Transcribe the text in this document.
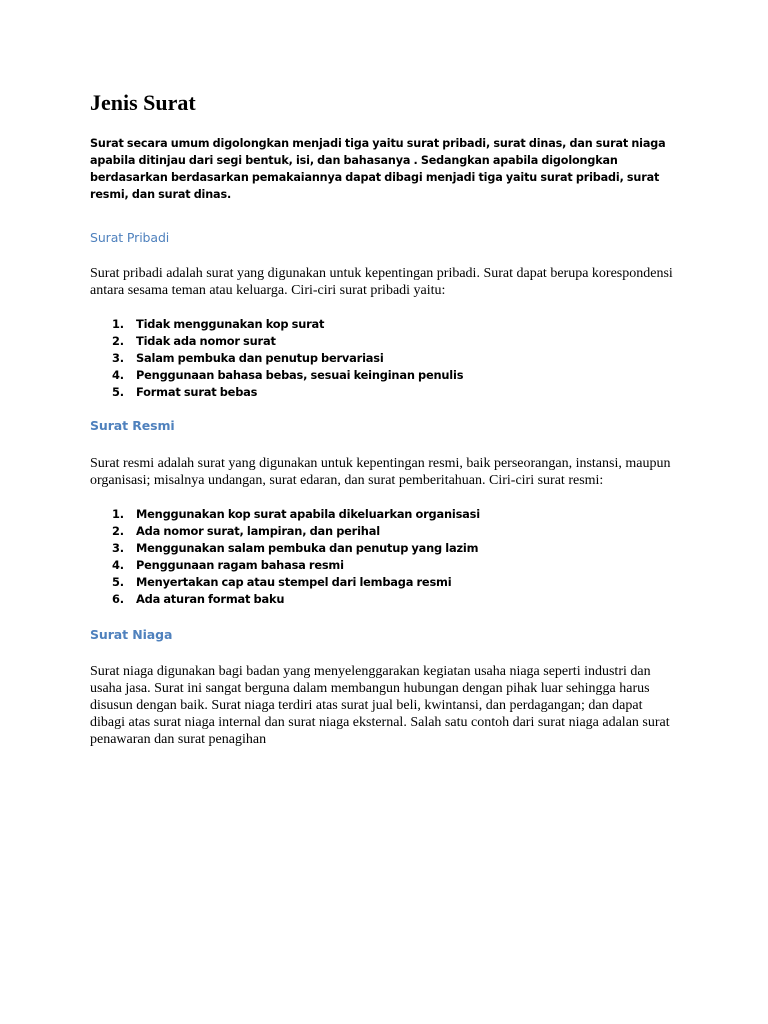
Jenis Surat

Surat secara umum digolongkan menjadi tiga yaitu surat pribadi, surat dinas, dan surat niaga apabila ditinjau dari segi bentuk, isi, dan bahasanya . Sedangkan apabila digolongkan berdasarkan berdasarkan pemakaiannya dapat dibagi menjadi tiga yaitu surat pribadi, surat resmi, dan surat dinas.

Surat Pribadi

Surat pribadi adalah surat yang digunakan untuk kepentingan pribadi. Surat dapat berupa korespondensi antara sesama teman atau keluarga. Ciri-ciri surat pribadi yaitu:

1. Tidak menggunakan kop surat
2. Tidak ada nomor surat
3. Salam pembuka dan penutup bervariasi
4. Penggunaan bahasa bebas, sesuai keinginan penulis
5. Format surat bebas
Surat Resmi

Surat resmi adalah surat yang digunakan untuk kepentingan resmi, baik perseorangan, instansi, maupun organisasi; misalnya undangan, surat edaran, dan surat pemberitahuan. Ciri-ciri surat resmi:

1. Menggunakan kop surat apabila dikeluarkan organisasi
2. Ada nomor surat, lampiran, dan perihal
3. Menggunakan salam pembuka dan penutup yang lazim
4. Penggunaan ragam bahasa resmi
5. Menyertakan cap atau stempel dari lembaga resmi
6. Ada aturan format baku
Surat Niaga

Surat niaga digunakan bagi badan yang menyelenggarakan kegiatan usaha niaga seperti industri dan usaha jasa. Surat ini sangat berguna dalam membangun hubungan dengan pihak luar sehingga harus disusun dengan baik. Surat niaga terdiri atas surat jual beli, kwintansi, dan perdagangan; dan dapat dibagi atas surat niaga internal dan surat niaga eksternal. Salah satu contoh dari surat niaga adalan surat penawaran dan surat penagihan
